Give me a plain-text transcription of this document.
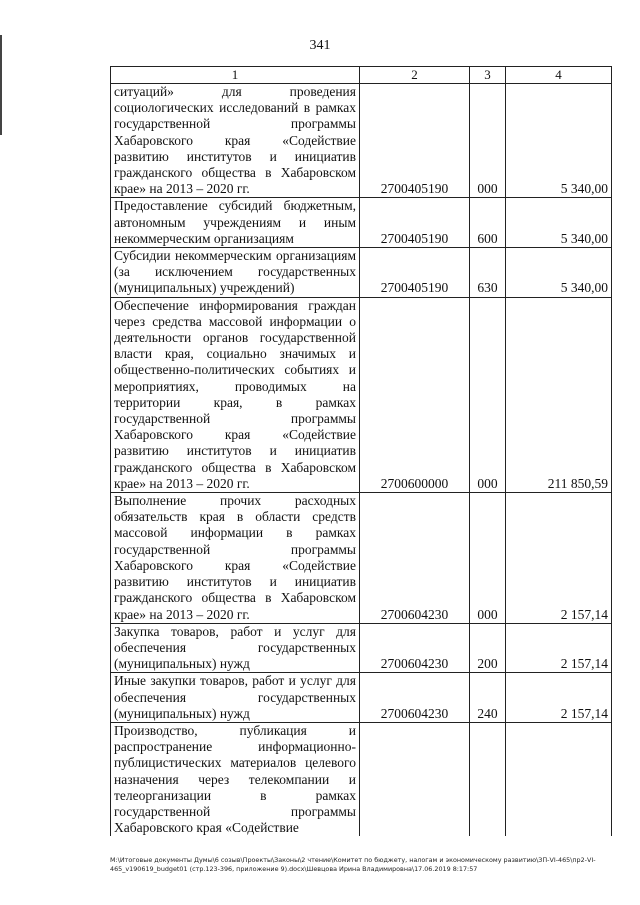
341
1	2	3	4
ситуаций» для проведения социологических исследований в рамках государственной программы Хабаровского края «Содействие развитию институтов и инициатив гражданского общества в Хабаровском крае» на 2013 – 2020 гг.	2700405190	000	5 340,00
Предоставление субсидий бюджетным, автономным учреждениям и иным некоммерческим организациям	2700405190	600	5 340,00
Субсидии некоммерческим организациям (за исключением государственных (муниципальных) учреждений)	2700405190	630	5 340,00
Обеспечение информирования граждан через средства массовой информации о деятельности органов государственной власти края, социально значимых и общественно-политических событиях и мероприятиях, проводимых на территории края, в рамках государственной программы Хабаровского края «Содействие развитию институтов и инициатив гражданского общества в Хабаровском крае» на 2013 – 2020 гг.	2700600000	000	211 850,59
Выполнение прочих расходных обязательств края в области средств массовой информации в рамках государственной программы Хабаровского края «Содействие развитию институтов и инициатив гражданского общества в Хабаровском крае» на 2013 – 2020 гг.	2700604230	000	2 157,14
Закупка товаров, работ и услуг для обеспечения государственных (муниципальных) нужд	2700604230	200	2 157,14
Иные закупки товаров, работ и услуг для обеспечения государственных (муниципальных) нужд	2700604230	240	2 157,14
Производство, публикация и распространение информационно-публицистических материалов целевого назначения через телекомпании и телеорганизации в рамках государственной программы Хабаровского края «Содействие			
М:\Итоговые документы Думы\6 созыв\Проекты\Законы\2 чтение\Комитет по бюджету, налогам и экономическому развитию\ЗП-VI-465\пр2-VI-465_v190619_budget01 (стр.123-396, приложение 9).docx\Шевцова Ирина Владимировна\17.06.2019 8:17:57
